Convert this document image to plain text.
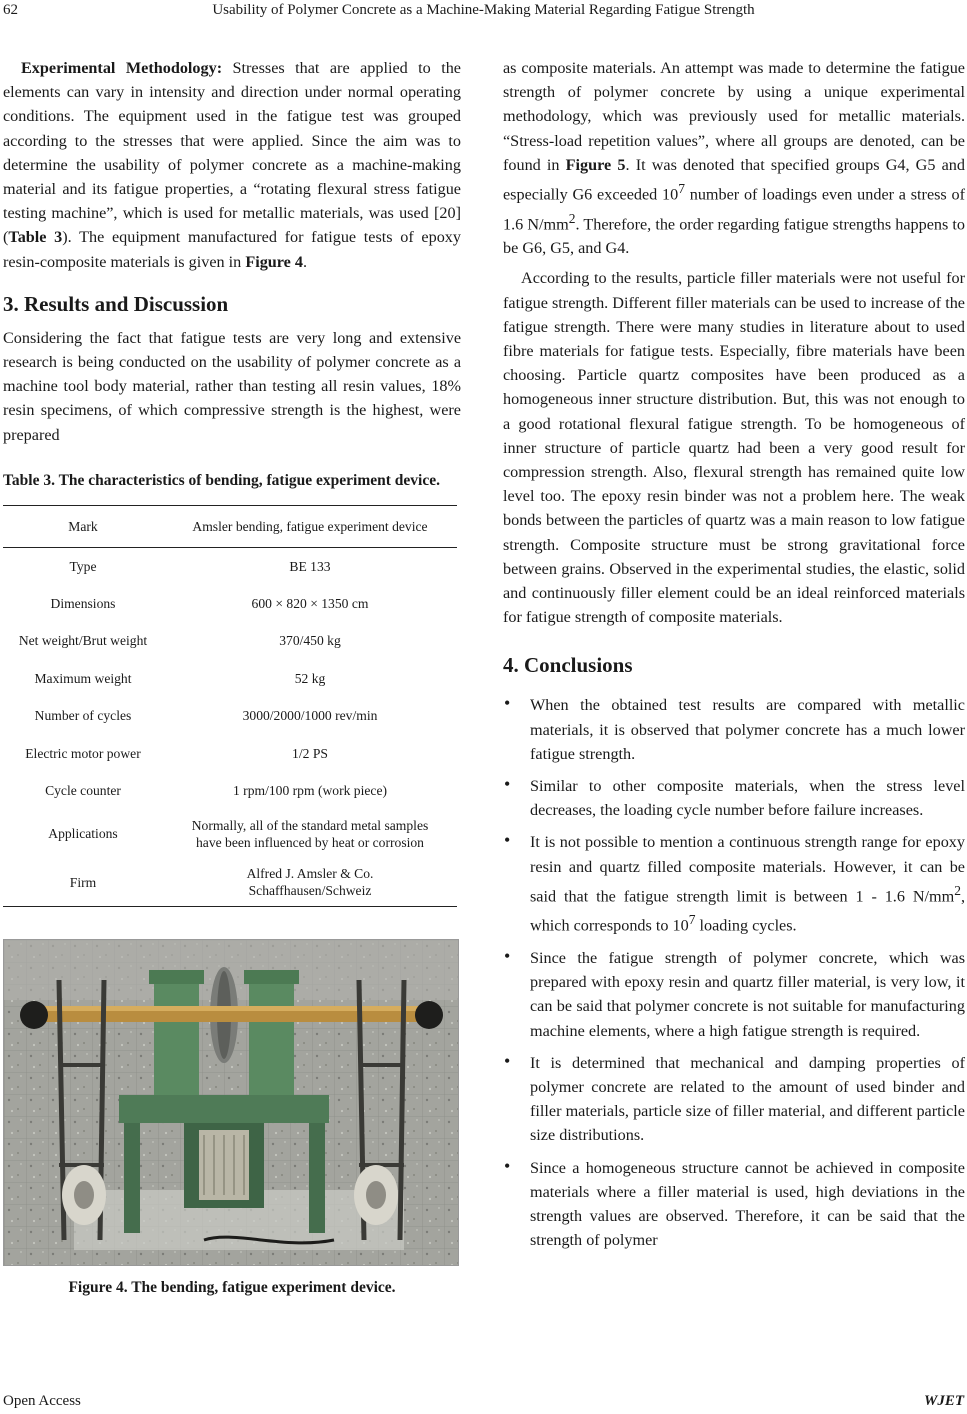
62	Usability of Polymer Concrete as a Machine-Making Material Regarding Fatigue Strength

Experimental Methodology: Stresses that are applied to the elements can vary in intensity and direction under normal operating conditions. The equipment used in the fatigue test was grouped according to the stresses that were applied. Since the aim was to determine the usability of polymer concrete as a machine-making material and its fatigue properties, a “rotating flexural stress fatigue testing machine”, which is used for metallic materials, was used [20] (Table 3). The equipment manufactured for fatigue tests of epoxy resin-composite materials is given in Figure 4.

3. Results and Discussion

Considering the fact that fatigue tests are very long and extensive research is being conducted on the usability of polymer concrete as a machine tool body material, rather than testing all resin values, 18% resin specimens, of which compressive strength is the highest, were prepared

Table 3. The characteristics of bending, fatigue experiment device.
Mark	Amsler bending, fatigue experiment device
Type	BE 133
Dimensions	600 × 820 × 1350 cm
Net weight/Brut weight	370/450 kg
Maximum weight	52 kg
Number of cycles	3000/2000/1000 rev/min
Electric motor power	1/2 PS
Cycle counter	1 rpm/100 rpm (work piece)
Applications	Normally, all of the standard metal samples
have been influenced by heat or corrosion
Firm	Alfred J. Amsler & Co.
Schaffhausen/Schweiz
Figure 4. The bending, fatigue experiment device.

as composite materials. An attempt was made to determine the fatigue strength of polymer concrete by using a unique experimental methodology, which was previously used for metallic materials. “Stress-load repetition values”, where all groups are denoted, can be found in Figure 5. It was denoted that specified groups G4, G5 and especially G6 exceeded $10^7$ number of loadings even under a stress of 1.6 $N/mm^2$. Therefore, the order regarding fatigue strengths happens to be G6, G5, and G4.

According to the results, particle filler materials were not useful for fatigue strength. Different filler materials can be used to increase of the fatigue strength. There were many studies in literature about to used fibre materials for fatigue tests. Especially, fibre materials have been choosing. Particle quartz composites have been produced as a homogeneous inner structure distribution. But, this was not enough to a good rotational flexural fatigue strength. To be homogeneous of inner structure of particle quartz had been a very good result for compression strength. Also, flexural strength has remained quite low level too. The epoxy resin binder was not a problem here. The weak bonds between the particles of quartz was a main reason to low fatigue strength. Composite structure must be strong gravitational force between grains. Observed in the experimental studies, the elastic, solid and continuously filler element could be an ideal reinforced materials for fatigue strength of composite materials.

4. Conclusions
• When the obtained test results are compared with metallic materials, it is observed that polymer concrete has a much lower fatigue strength.
• Similar to other composite materials, when the stress level decreases, the loading cycle number before failure increases.
• It is not possible to mention a continuous strength range for epoxy resin and quartz filled composite materials. However, it can be said that the fatigue strength limit is between 1 - 1.6 $N/mm^2$, which corresponds to $10^7$ loading cycles.
• Since the fatigue strength of polymer concrete, which was prepared with epoxy resin and quartz filler material, is very low, it can be said that polymer concrete is not suitable for manufacturing machine elements, where a high fatigue strength is required.
• It is determined that mechanical and damping properties of polymer concrete are related to the amount of used binder and filler materials, particle size of filler material, and different particle size distributions.
• Since a homogeneous structure cannot be achieved in composite materials where a filler material is used, high deviations in the strength values are observed. Therefore, it can be said that the strength of polymer
Open Access	WJET
